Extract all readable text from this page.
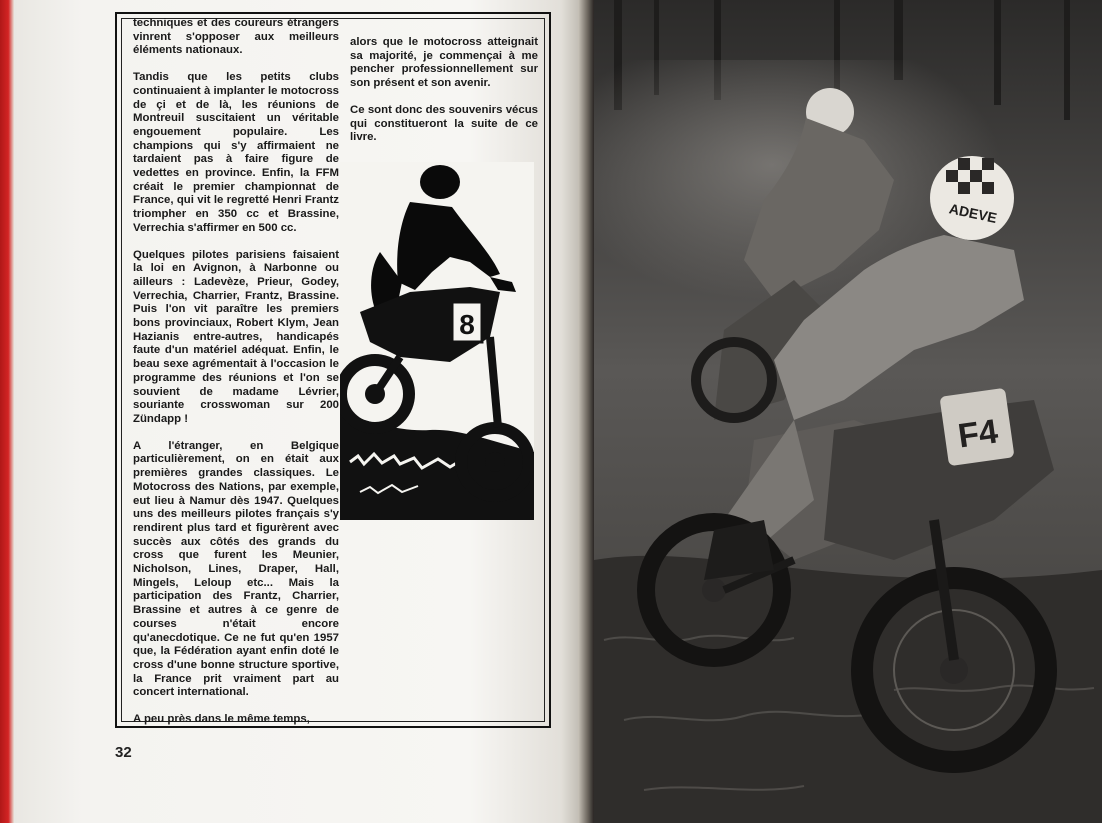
techniques et des coureurs étrangers vinrent s'opposer aux meilleurs éléments nationaux.

Tandis que les petits clubs continuaient à implanter le motocross de çi et de là, les réunions de Montreuil suscitaient un véritable engouement populaire. Les champions qui s'y affirmaient ne tardaient pas à faire figure de vedettes en province. Enfin, la FFM créait le premier championnat de France, qui vit le regretté Henri Frantz triompher en 350 cc et Brassine, Verrechia s'affirmer en 500 cc.

Quelques pilotes parisiens faisaient la loi en Avignon, à Narbonne ou ailleurs : Ladevèze, Prieur, Godey, Verrechia, Charrier, Frantz, Brassine. Puis l'on vit paraître les premiers bons provinciaux, Robert Klym, Jean Hazianis entre-autres, handicapés faute d'un matériel adéquat. Enfin, le beau sexe agrémentait à l'occasion le programme des réunions et l'on se souvient de madame Lévrier, souriante crosswoman sur 200 Zündapp !

A l'étranger, en Belgique particulièrement, on en était aux premières grandes classiques. Le Motocross des Nations, par exemple, eut lieu à Namur dès 1947. Quelques uns des meilleurs pilotes français s'y rendirent plus tard et figurèrent avec succès aux côtés des grands du cross que furent les Meunier, Nicholson, Lines, Draper, Hall, Mingels, Leloup etc... Mais la participation des Frantz, Charrier, Brassine et autres à ce genre de courses n'était encore qu'anecdotique. Ce ne fut qu'en 1957 que, la Fédération ayant enfin doté le cross d'une bonne structure sportive, la France prit vraiment part au concert international.

A peu près dans le même temps,

alors que le motocross atteignait sa majorité, je commençai à me pencher professionnellement sur son présent et son avenir.

Ce sont donc des souvenirs vécus qui constitueront la suite de ce livre.

8
32
ADEVE
F4
